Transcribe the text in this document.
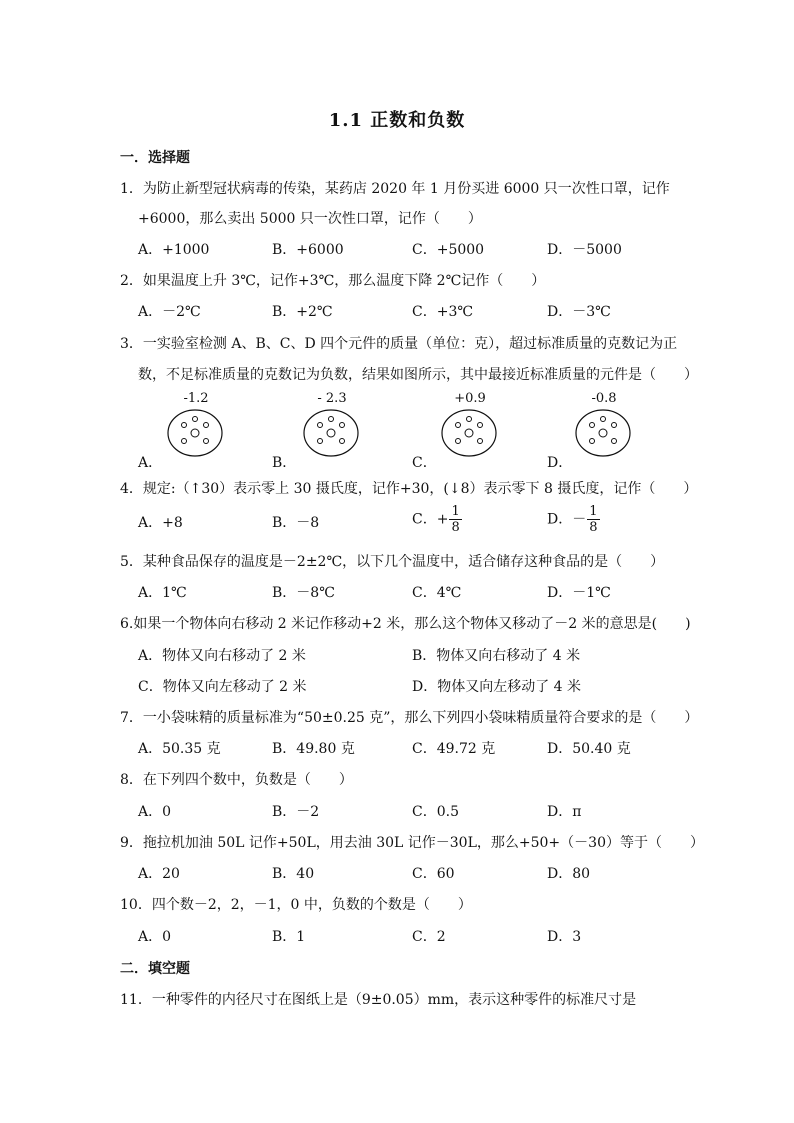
1.1 正数和负数
一．选择题
1．为防止新型冠状病毒的传染，某药店 2020 年 1 月份买进 6000 只一次性口罩，记作
+6000，那么卖出 5000 只一次性口罩，记作（　　）
A．+1000	B．+6000	C．+5000	D．－5000
2．如果温度上升 3℃，记作+3℃，那么温度下降 2℃记作（　　）
A．－2℃	B．+2℃	C．+3℃	D．－3℃
3．一实验室检测 A、B、C、D 四个元件的质量（单位：克），超过标准质量的克数记为正
数，不足标准质量的克数记为负数，结果如图所示，其中最接近标准质量的元件是（　　）
-1.2	- 2.3	+0.9	-0.8
A．	B．	C．	D．
4．规定:（↑30）表示零上 30 摄氏度，记作+30，(↓8）表示零下 8 摄氏度，记作（　　）
A．+8	B．－8	C．+ $\frac{1}{8}$	D．－ $\frac{1}{8}$
5．某种食品保存的温度是－2±2℃，以下几个温度中，适合储存这种食品的是（　　）
A．1℃	B．－8℃	C．4℃	D．－1℃
6.如果一个物体向右移动 2 米记作移动+2 米，那么这个物体又移动了－2 米的意思是(　　)
A．物体又向右移动了 2 米	B．物体又向右移动了 4 米
C．物体又向左移动了 2 米	D．物体又向左移动了 4 米
7．一小袋味精的质量标准为“50±0.25 克”，那么下列四小袋味精质量符合要求的是（　　）
A．50.35 克	B．49.80 克	C．49.72 克	D．50.40 克
8．在下列四个数中，负数是（　　）
A．0	B．－2	C．0.5	D．π
9．拖拉机加油 50L 记作+50L，用去油 30L 记作－30L，那么+50+（－30）等于（　　）
A．20	B．40	C．60	D．80
10．四个数－2，2，－1，0 中，负数的个数是（　　）
A．0	B．1	C．2	D．3
二．填空题
11．一种零件的内径尺寸在图纸上是（9±0.05）mm，表示这种零件的标准尺寸是
